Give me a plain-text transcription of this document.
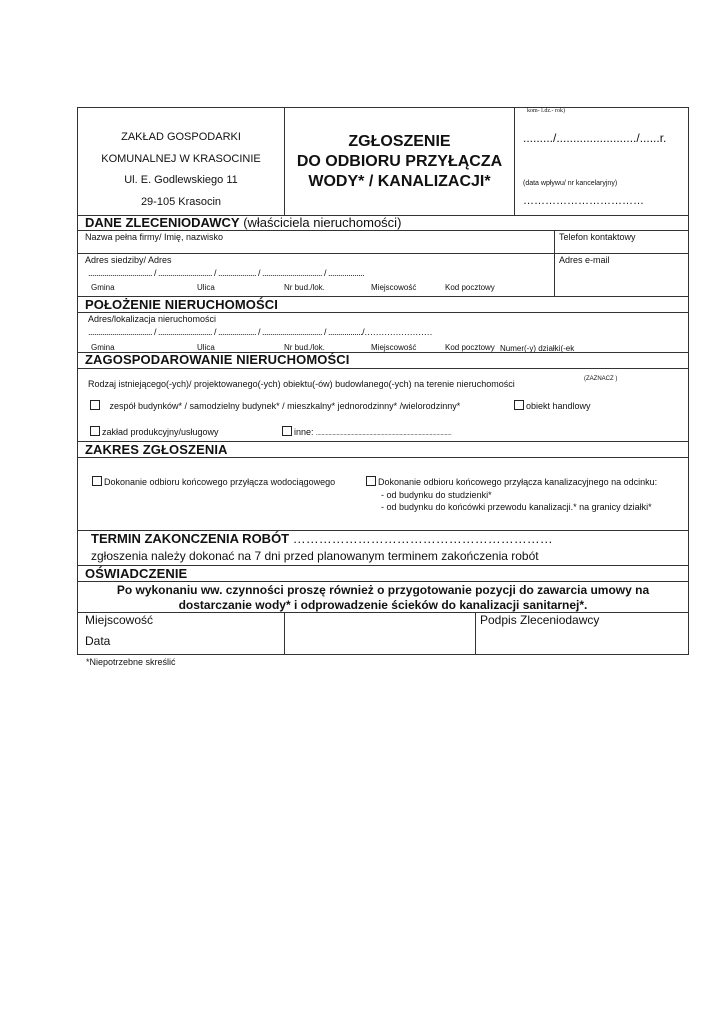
ZAKŁAD GOSPODARKI
KOMUNALNEJ W KRASOCINIE
Ul. E. Godlewskiego 11
29-105 Krasocin
ZGŁOSZENIE
DO ODBIORU PRZYŁĄCZA
WODY* / KANALIZACJI*
kom- l.dz.- rok)
........./......................../......r.
(data wpływu/ nr kancelaryjny)
……………………………
DANE ZLECENIODAWCY (właściciela nieruchomości)
Nazwa pełna firmy/ Imię, nazwisko	Telefon kontaktowy
Adres siedziby/ Adres	Adres e-mail
................................ / ........................... / ................... / .............................. / ..................
Gmina	Ulica	Nr bud./lok.	Miejscowość	Kod pocztowy
POŁOŻENIE NIERUCHOMOŚCI
Adres/lokalizacja nieruchomości
................................ / ........................... / ................... / .............................. / ................./……………………
Gmina	Ulica	Nr bud./lok.	Miejscowość	Kod pocztowy Numer(-y) działki(-ek
ZAGOSPODAROWANIE NIERUCHOMOŚCI
Rodzaj istniejącego(-ych)/ projektowanego(-ych) obiektu(-ów) budowlanego(-ych) na terenie nieruchomości	(ZAZNACZ )
zespół budynków* / samodzielny budynek* / mieszkalny* jednorodzinny* /wielorodzinny*	obiekt handlowy
zakład produkcyjny/usługowy	inne: ...................................................................................................
ZAKRES ZGŁOSZENIA
Dokonanie odbioru końcowego przyłącza wodociągowego	Dokonanie odbioru końcowego przyłącza kanalizacyjnego na odcinku:
- od budynku do studzienki*
- od budynku do końcówki przewodu kanalizacji.* na granicy działki*
TERMIN ZAKONCZENIA ROBÓT ……………………………………………………
zgłoszenia należy dokonać na 7 dni przed planowanym terminem zakończenia robót
OŚWIADCZENIE
Po wykonaniu ww. czynności proszę również o przygotowanie pozycji do zawarcia umowy na
dostarczanie wody* i odprowadzenie ścieków do kanalizacji sanitarnej*.
Miejscowość
Data
Podpis Zleceniodawcy
*Niepotrzebne skreślić
